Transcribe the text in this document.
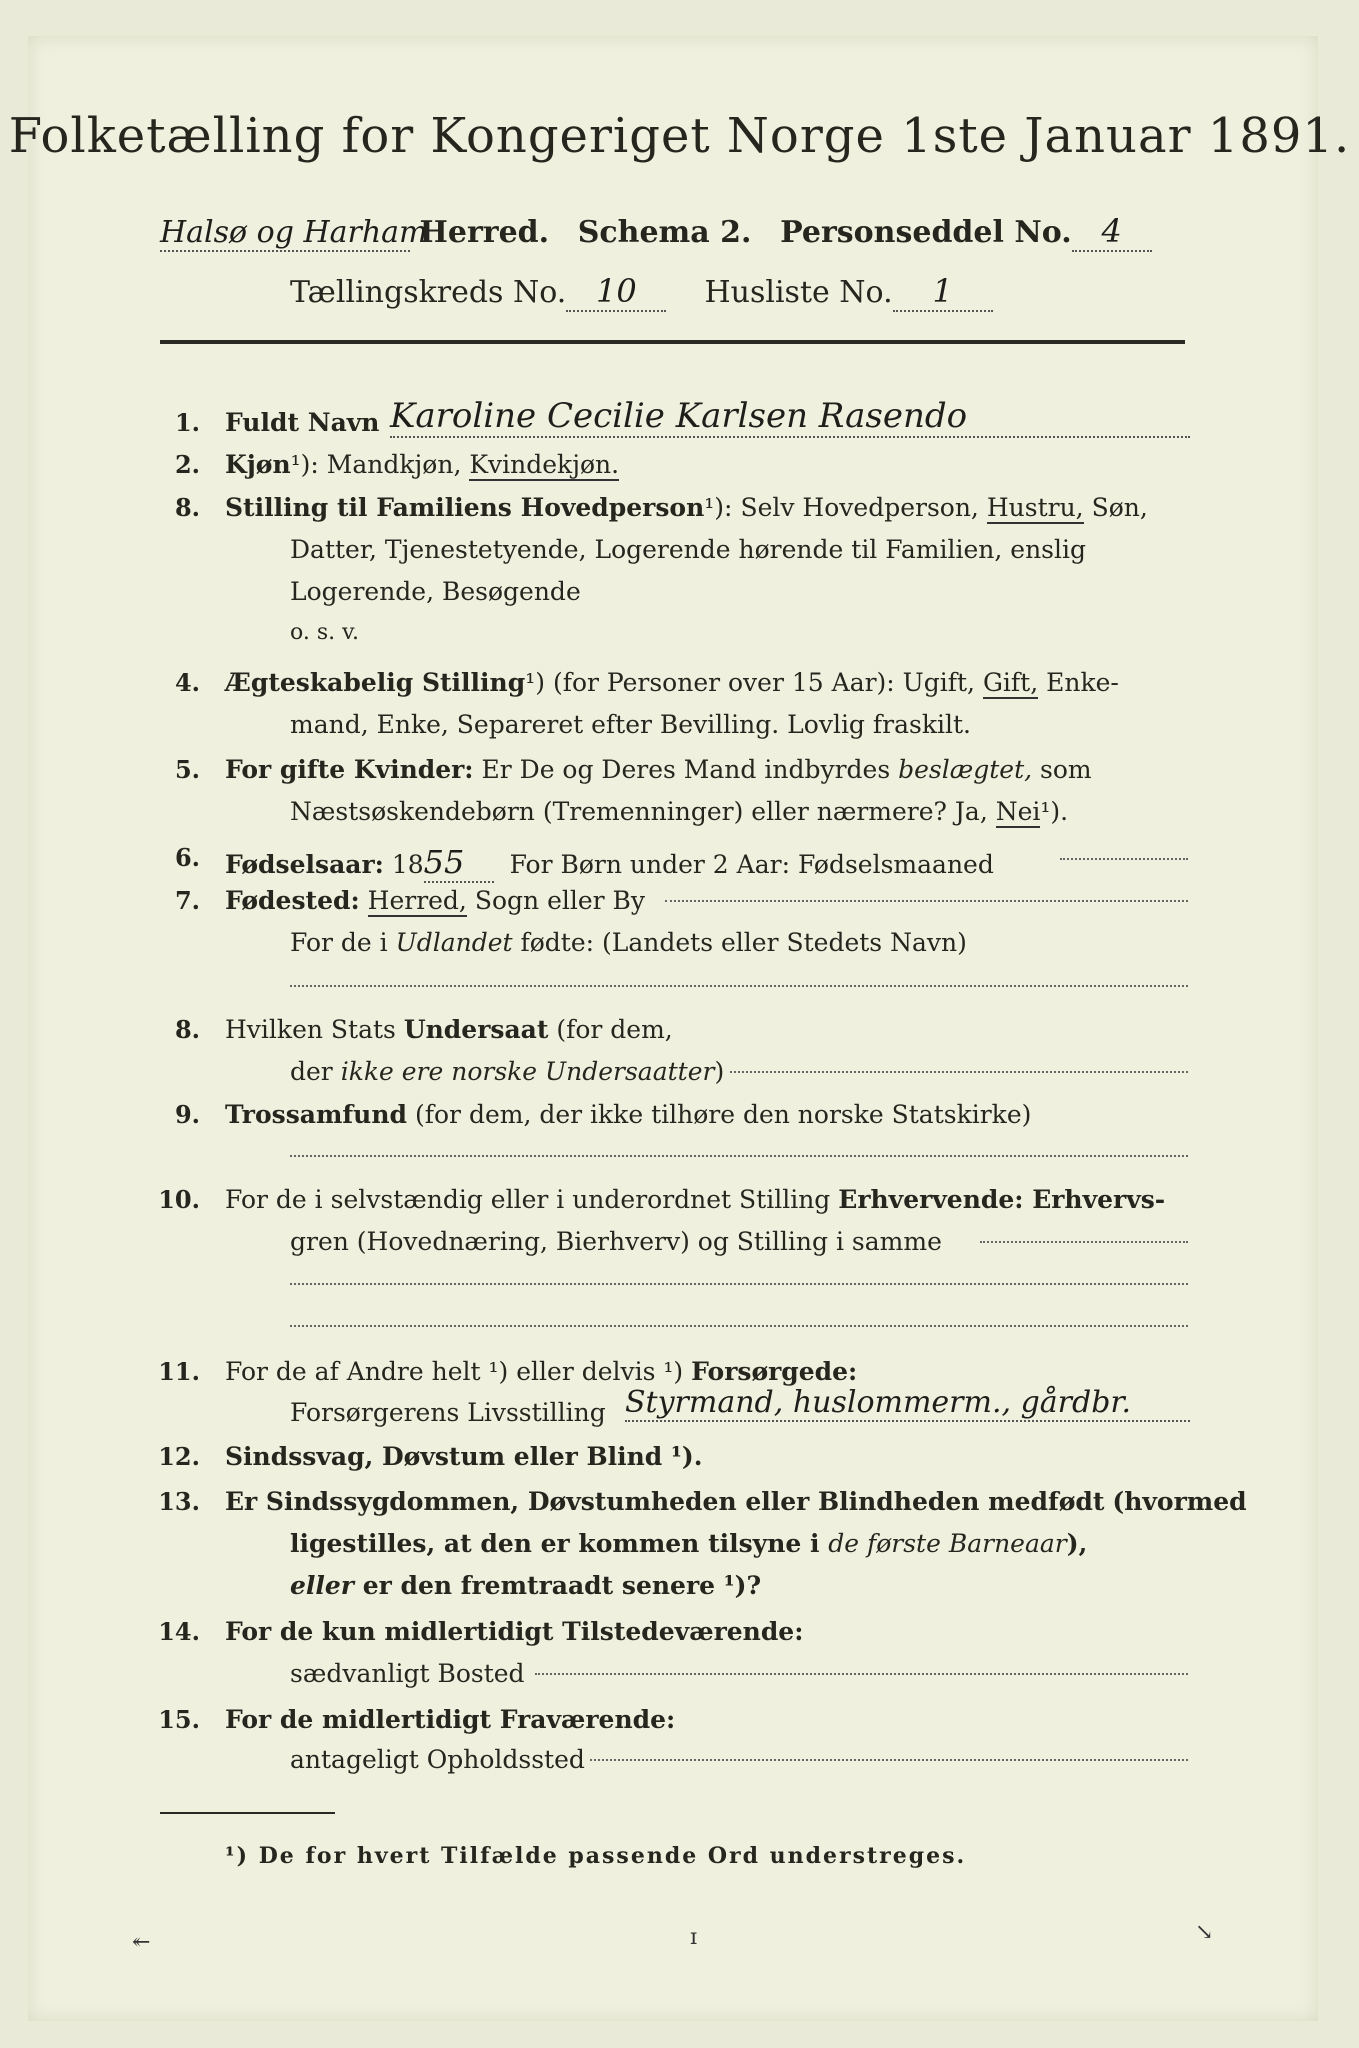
Folketælling for Kongeriget Norge 1ste Januar 1891.
Halsø og Harham Herred. Schema 2. Personseddel No. 4
Tællingskreds No. 10 Husliste No. 1
1. Fuldt Navn Karoline Cecilie Karlsen Rasendo
2. Kjøn¹): Mandkjøn, Kvindekjøn.
8. Stilling til Familiens Hovedperson¹): Selv Hovedperson, Hustru, Søn,
Datter, Tjenestetyende, Logerende hørende til Familien, enslig
Logerende, Besøgende
o. s. v.
4. Ægteskabelig Stilling¹) (for Personer over 15 Aar): Ugift, Gift, Enke-
mand, Enke, Separeret efter Bevilling. Lovlig fraskilt.
5. For gifte Kvinder: Er De og Deres Mand indbyrdes beslægtet, som
Næstsøskendebørn (Tremenninger) eller nærmere? Ja, Nei¹).
6. Fødselsaar: 1855 For Børn under 2 Aar: Fødselsmaaned
7. Fødested: Herred, Sogn eller By
For de i Udlandet fødte: (Landets eller Stedets Navn)
8. Hvilken Stats Undersaat (for dem,
der ikke ere norske Undersaatter)
9. Trossamfund (for dem, der ikke tilhøre den norske Statskirke)
10. For de i selvstændig eller i underordnet Stilling Erhvervende: Erhvervs-
gren (Hovednæring, Bierhverv) og Stilling i samme
11. For de af Andre helt ¹) eller delvis ¹) Forsørgede:
Forsørgerens Livsstilling Styrmand, huslommerm., gårdbr.
12. Sindssvag, Døvstum eller Blind ¹).
13. Er Sindssygdommen, Døvstumheden eller Blindheden medfødt (hvormed
ligestilles, at den er kommen tilsyne i de første Barneaar),
eller er den fremtraadt senere ¹)?
14. For de kun midlertidigt Tilstedeværende:
sædvanligt Bosted
15. For de midlertidigt Fraværende:
antageligt Opholdssted
¹) De for hvert Tilfælde passende Ord understreges.
↞	ɪ	↘
